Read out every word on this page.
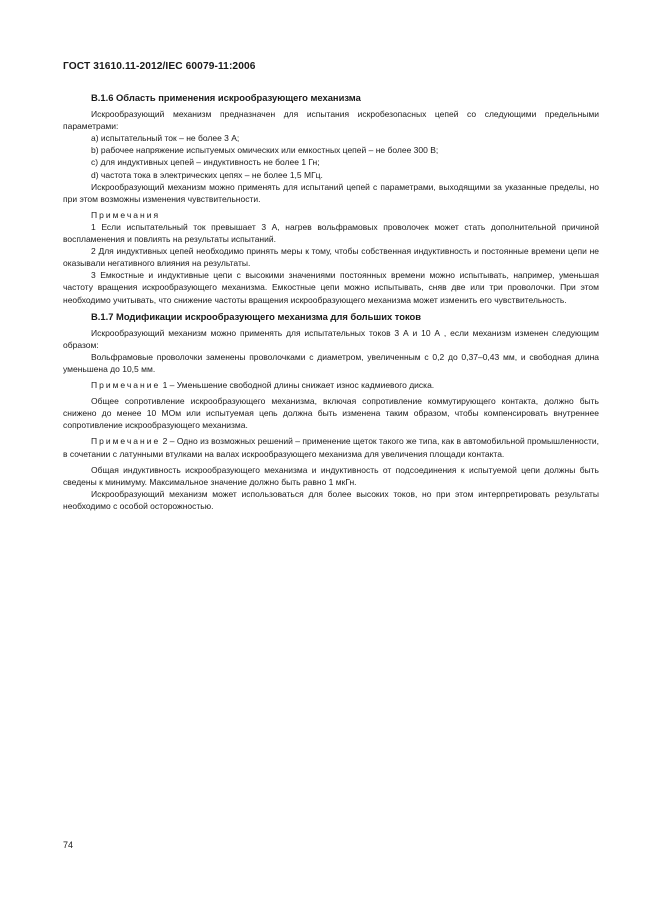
ГОСТ 31610.11-2012/IEC 60079-11:2006

B.1.6 Область применения искрообразующего механизма

Искрообразующий механизм предназначен для испытания искробезопасных цепей со следующими предельными параметрами:

a) испытательный ток – не более 3 А;

b) рабочее напряжение испытуемых омических или емкостных цепей – не более 300 В;

c) для индуктивных цепей – индуктивность не более 1 Гн;

d) частота тока в электрических цепях – не более 1,5 МГц.

Искрообразующий механизм можно применять для испытаний цепей с параметрами, выходящими за указанные пределы, но при этом возможны изменения чувствительности.

Примечания

1 Если испытательный ток превышает 3 А, нагрев вольфрамовых проволочек может стать дополнительной причиной воспламенения и повлиять на результаты испытаний.

2 Для индуктивных цепей необходимо принять меры к тому, чтобы собственная индуктивность и постоянные времени цепи не оказывали негативного влияния на результаты.

3 Емкостные и индуктивные цепи с высокими значениями постоянных времени можно испытывать, например, уменьшая частоту вращения искрообразующего механизма. Емкостные цепи можно испытывать, сняв две или три проволочки. При этом необходимо учитывать, что снижение частоты вращения искрообразующего механизма может изменить его чувствительность.

B.1.7 Модификации искрообразующего механизма для больших токов

Искрообразующий механизм можно применять для испытательных токов 3 А и 10 А , если механизм изменен следующим образом:

Вольфрамовые проволочки заменены проволочками с диаметром, увеличенным с 0,2 до 0,37–0,43 мм, и свободная длина уменьшена до 10,5 мм.

Примечание 1 – Уменьшение свободной длины снижает износ кадмиевого диска.

Общее сопротивление искрообразующего механизма, включая сопротивление коммутирующего контакта, должно быть снижено до менее 10 МОм или испытуемая цепь должна быть изменена таким образом, чтобы компенсировать внутреннее сопротивление искрообразующего механизма.

Примечание 2 – Одно из возможных решений – применение щеток такого же типа, как в автомобильной промышленности, в сочетании с латунными втулками на валах искрообразующего механизма для увеличения площади контакта.

Общая индуктивность искрообразующего механизма и индуктивность от подсоединения к испытуемой цепи должны быть сведены к минимуму. Максимальное значение должно быть равно 1 мкГн.

Искрообразующий механизм может использоваться для более высоких токов, но при этом интерпретировать результаты необходимо с особой осторожностью.

74
